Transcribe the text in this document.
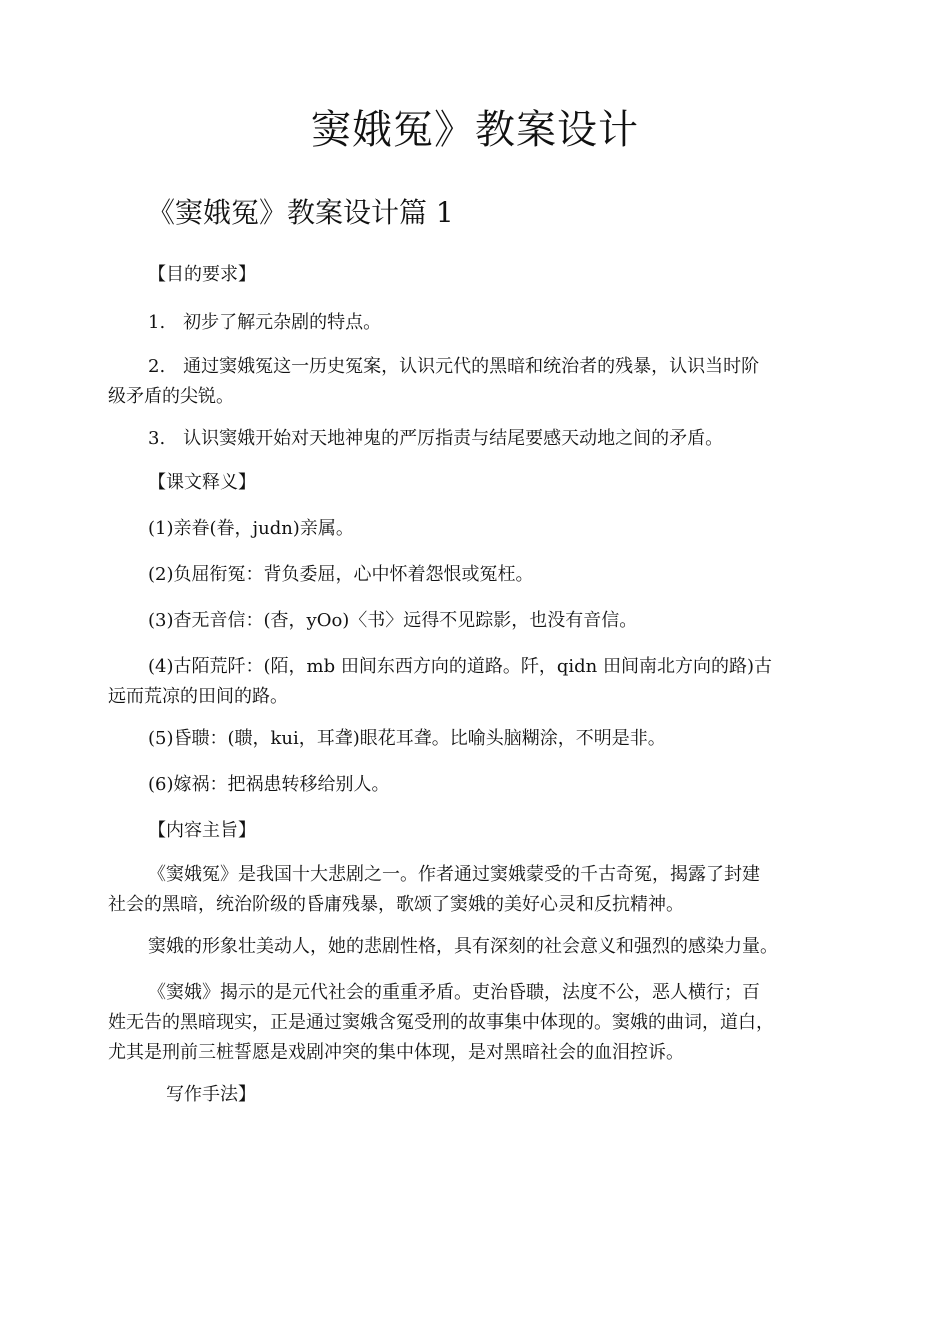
窦娥冤》教案设计
《窦娥冤》教案设计篇 1
【目的要求】
1.　初步了解元杂剧的特点。
2.　通过窦娥冤这一历史冤案，认识元代的黑暗和统治者的残暴，认识当时阶
级矛盾的尖锐。
3.　认识窦娥开始对天地神鬼的严厉指责与结尾要感天动地之间的矛盾。
【课文释义】
(1)亲眷(眷，judn)亲属。
(2)负屈衔冤：背负委屈，心中怀着怨恨或冤枉。
(3)杳无音信：(杳，yOo)〈书〉远得不见踪影，也没有音信。
(4)古陌荒阡：(陌，mb 田间东西方向的道路。阡，qidn 田间南北方向的路)古
远而荒凉的田间的路。
(5)昏聩：(聩，kui，耳聋)眼花耳聋。比喻头脑糊涂，不明是非。
(6)嫁祸：把祸患转移给别人。
【内容主旨】
《窦娥冤》是我国十大悲剧之一。作者通过窦娥蒙受的千古奇冤，揭露了封建
社会的黑暗，统治阶级的昏庸残暴，歌颂了窦娥的美好心灵和反抗精神。
窦娥的形象壮美动人，她的悲剧性格，具有深刻的社会意义和强烈的感染力量。
《窦娥》揭示的是元代社会的重重矛盾。吏治昏聩，法度不公，恶人横行；百
姓无告的黑暗现实，正是通过窦娥含冤受刑的故事集中体现的。窦娥的曲词，道白，
尤其是刑前三桩誓愿是戏剧冲突的集中体现，是对黑暗社会的血泪控诉。
写作手法】
